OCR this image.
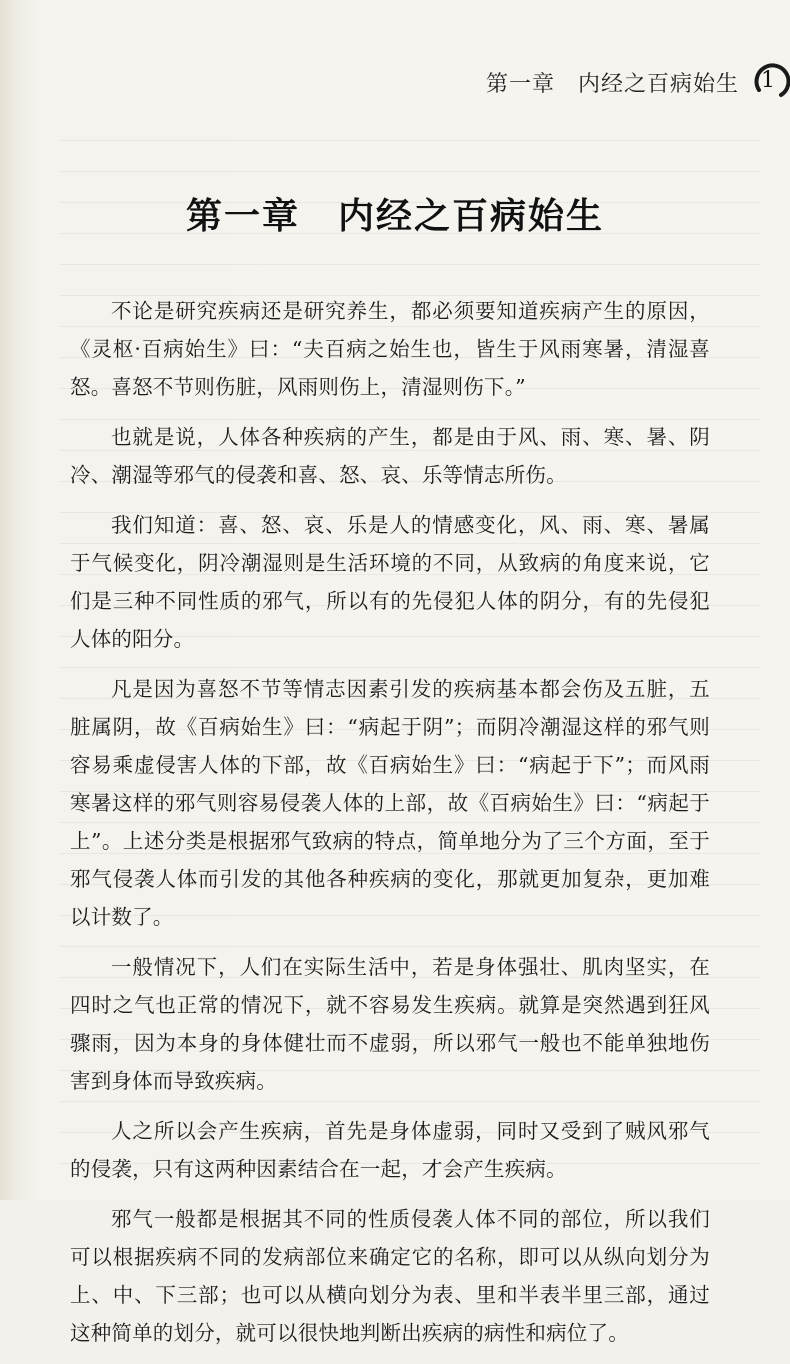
第一章　内经之百病始生 1
第一章　内经之百病始生

不论是研究疾病还是研究养生，都必须要知道疾病产生的原因，《灵枢·百病始生》曰：“夫百病之始生也，皆生于风雨寒暑，清湿喜怒。喜怒不节则伤脏，风雨则伤上，清湿则伤下。”

也就是说，人体各种疾病的产生，都是由于风、雨、寒、暑、阴冷、潮湿等邪气的侵袭和喜、怒、哀、乐等情志所伤。

我们知道：喜、怒、哀、乐是人的情感变化，风、雨、寒、暑属于气候变化，阴冷潮湿则是生活环境的不同，从致病的角度来说，它们是三种不同性质的邪气，所以有的先侵犯人体的阴分，有的先侵犯人体的阳分。

凡是因为喜怒不节等情志因素引发的疾病基本都会伤及五脏，五脏属阴，故《百病始生》曰：“病起于阴”；而阴冷潮湿这样的邪气则容易乘虚侵害人体的下部，故《百病始生》曰：“病起于下”；而风雨寒暑这样的邪气则容易侵袭人体的上部，故《百病始生》曰：“病起于上”。上述分类是根据邪气致病的特点，简单地分为了三个方面，至于邪气侵袭人体而引发的其他各种疾病的变化，那就更加复杂，更加难以计数了。

一般情况下，人们在实际生活中，若是身体强壮、肌肉坚实，在四时之气也正常的情况下，就不容易发生疾病。就算是突然遇到狂风骤雨，因为本身的身体健壮而不虚弱，所以邪气一般也不能单独地伤害到身体而导致疾病。

人之所以会产生疾病，首先是身体虚弱，同时又受到了贼风邪气的侵袭，只有这两种因素结合在一起，才会产生疾病。

邪气一般都是根据其不同的性质侵袭人体不同的部位，所以我们可以根据疾病不同的发病部位来确定它的名称，即可以从纵向划分为上、中、下三部；也可以从横向划分为表、里和半表半里三部，通过这种简单的划分，就可以很快地判断出疾病的病性和病位了。
